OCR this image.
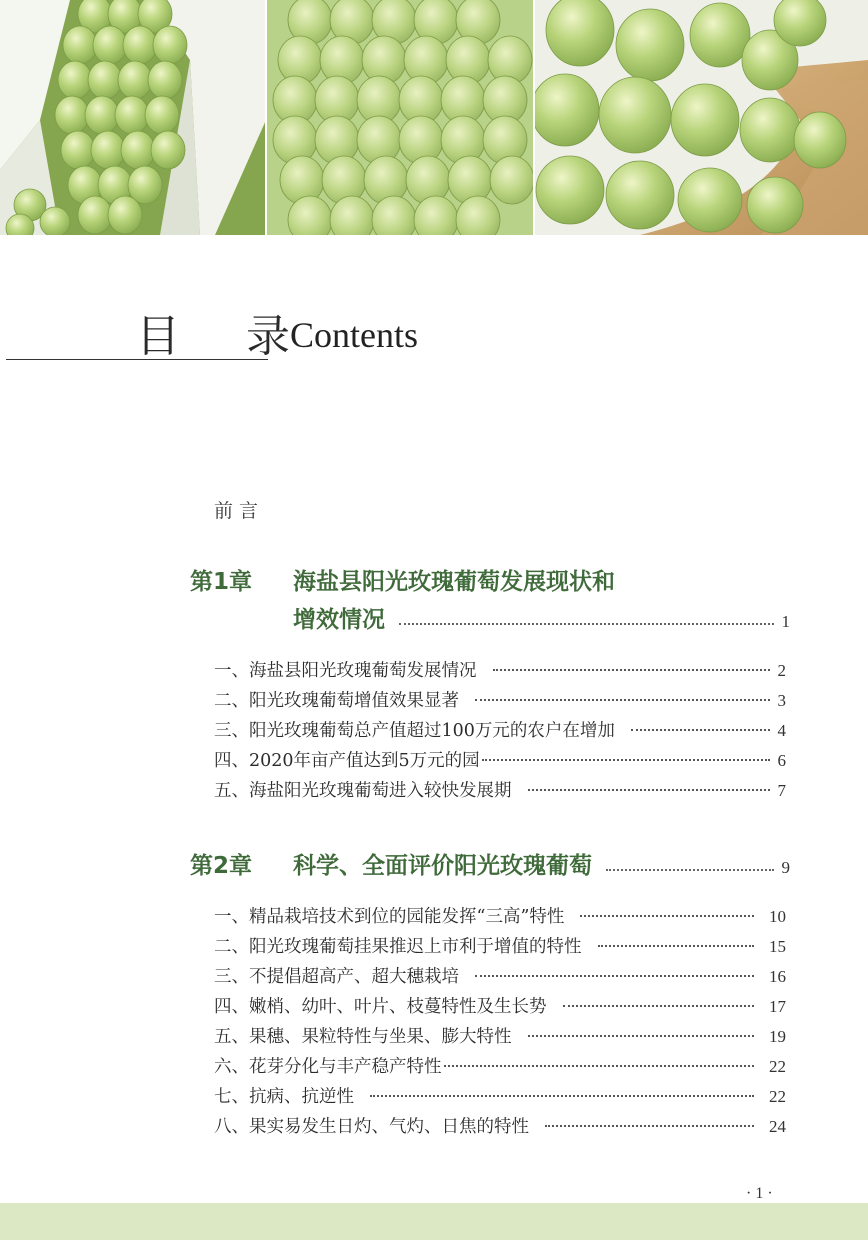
目 录
Contents
前言
第1章 海盐县阳光玫瑰葡萄发展现状和
增效情况	1
一、海盐县阳光玫瑰葡萄发展情况	2
二、阳光玫瑰葡萄增值效果显著	3
三、阳光玫瑰葡萄总产值超过100万元的农户在增加	4
四、2020年亩产值达到5万元的园	6
五、海盐阳光玫瑰葡萄进入较快发展期	7
第2章 科学、全面评价阳光玫瑰葡萄	9
一、精品栽培技术到位的园能发挥“三高”特性	10
二、阳光玫瑰葡萄挂果推迟上市利于增值的特性	15
三、不提倡超高产、超大穗栽培	16
四、嫩梢、幼叶、叶片、枝蔓特性及生长势	17
五、果穗、果粒特性与坐果、膨大特性	19
六、花芽分化与丰产稳产特性	22
七、抗病、抗逆性	22
八、果实易发生日灼、气灼、日焦的特性	24
· 1 ·
